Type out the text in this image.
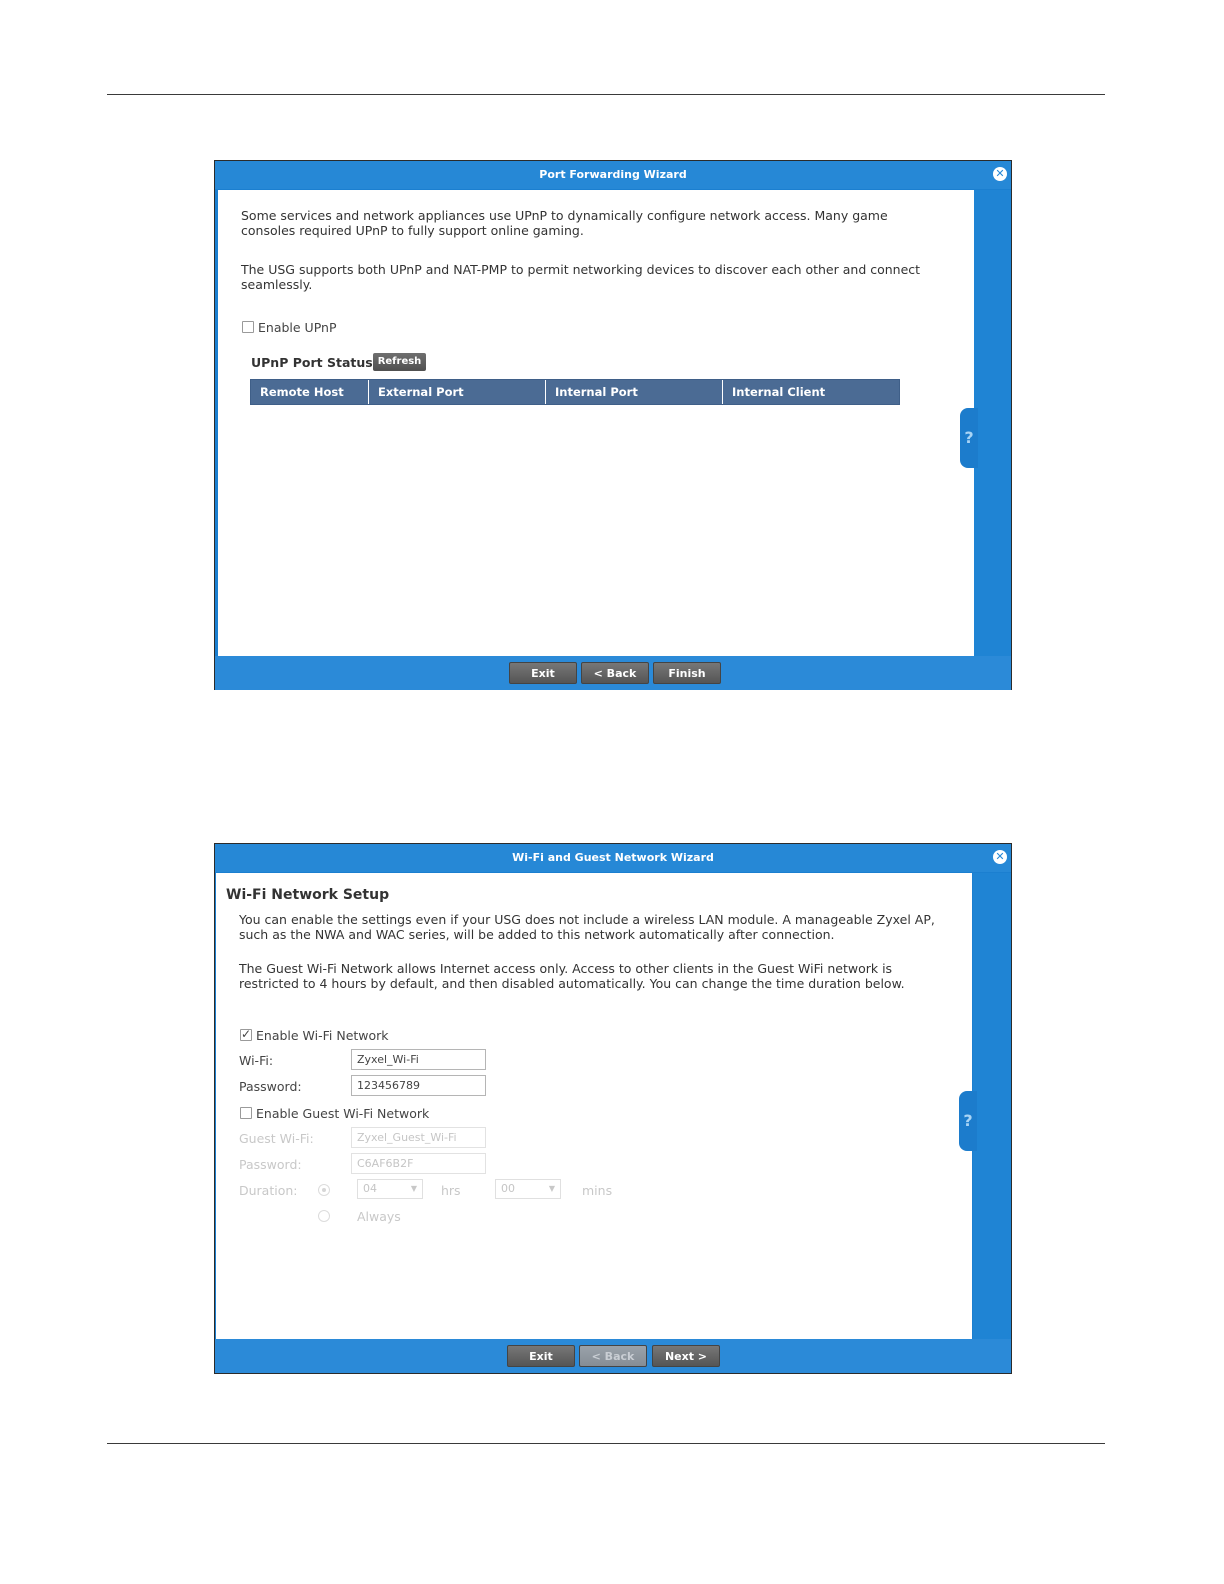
Port Forwarding Wizard	✕
Some services and network appliances use UPnP to dynamically configure network access. Many game consoles required UPnP to fully support online gaming.
The USG supports both UPnP and NAT-PMP to permit networking devices to discover each other and connect seamlessly.
Enable UPnP
UPnP Port Status Refresh
Remote Host	External Port	Internal Port	Internal Client
?
Exit	< Back	Finish
Wi-Fi and Guest Network Wizard	✕
Wi-Fi Network Setup
You can enable the settings even if your USG does not include a wireless LAN module. A manageable Zyxel AP, such as the NWA and WAC series, will be added to this network automatically after connection.
The Guest Wi-Fi Network allows Internet access only. Access to other clients in the Guest WiFi network is restricted to 4 hours by default, and then disabled automatically. You can change the time duration below.
✓
Enable Wi-Fi Network
Wi-Fi:	Zyxel_Wi-Fi
Password:	123456789
Enable Guest Wi-Fi Network
Guest Wi-Fi:	Zyxel_Guest_Wi-Fi
Password:	C6AF6B2F
Duration:	04	▼ hrs	00	▼ mins
Always
?
Exit	< Back	Next >
